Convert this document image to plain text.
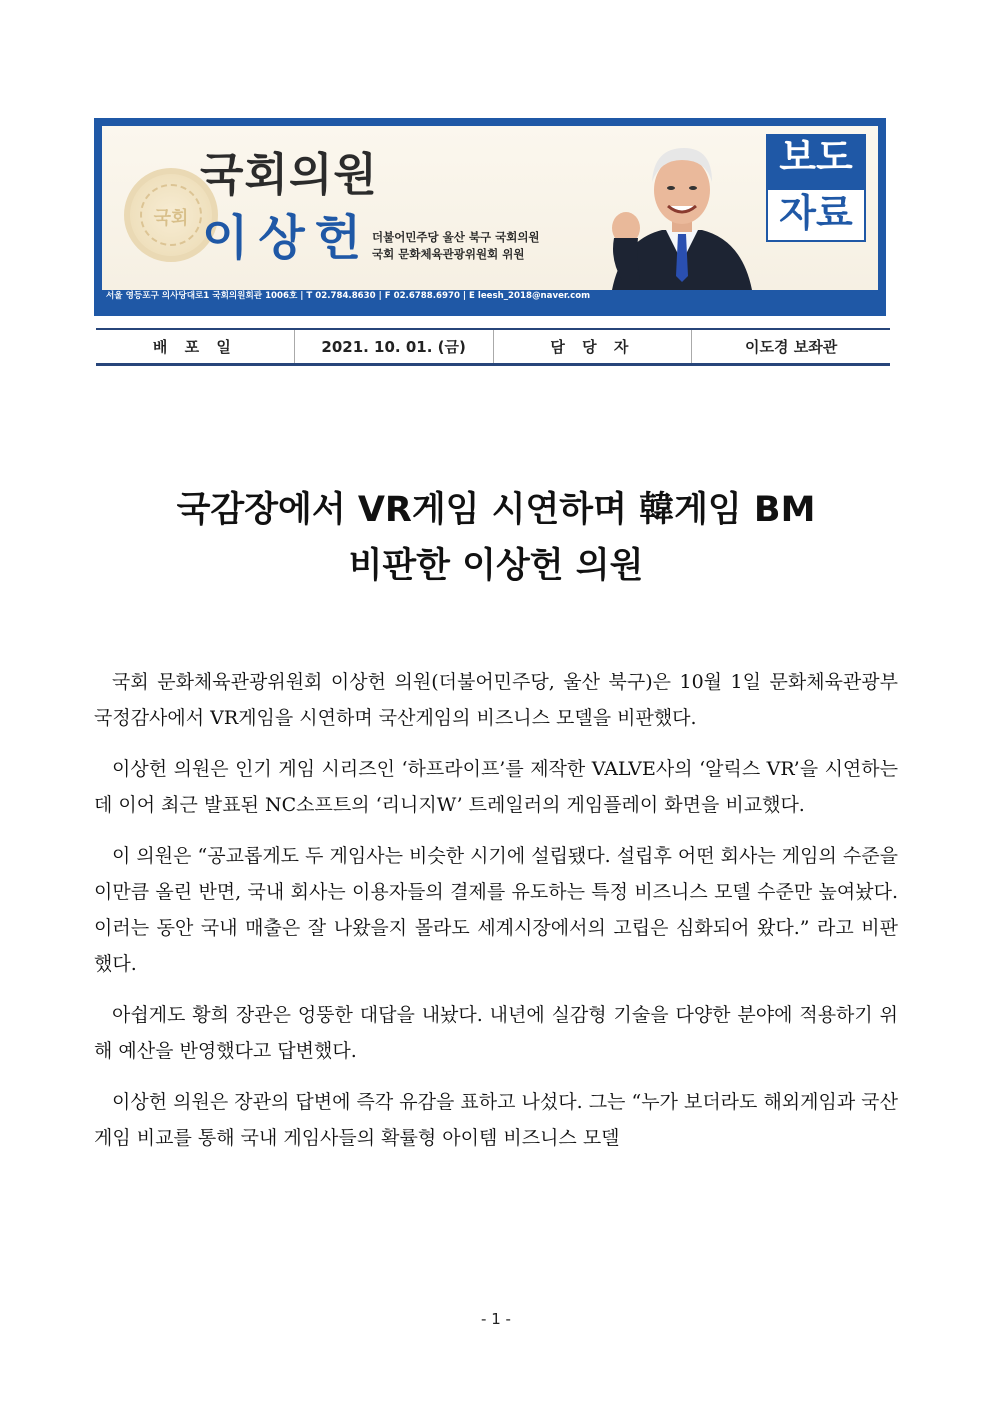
국회
국회의원
이상헌 더불어민주당 울산 북구 국회의원
국회 문화체육관광위원회 위원
보도
자료
서울 영등포구 의사당대로1 국회의원회관 1006호 | T 02.784.8630 | F 02.6788.6970 | E leesh_2018@naver.com
배 포 일	2021. 10. 01. (금)	담 당 자	이도경 보좌관
국감장에서 VR게임 시연하며 韓게임 BM
비판한 이상헌 의원

국회 문화체육관광위원회 이상헌 의원(더불어민주당, 울산 북구)은 10월 1일 문화체육관광부 국정감사에서 VR게임을 시연하며 국산게임의 비즈니스 모델을 비판했다.

이상헌 의원은 인기 게임 시리즈인 ‘하프라이프’를 제작한 VALVE사의 ‘알릭스 VR’을 시연하는데 이어 최근 발표된 NC소프트의 ‘리니지W’ 트레일러의 게임플레이 화면을 비교했다.

이 의원은 “공교롭게도 두 게임사는 비슷한 시기에 설립됐다. 설립후 어떤 회사는 게임의 수준을 이만큼 올린 반면, 국내 회사는 이용자들의 결제를 유도하는 특정 비즈니스 모델 수준만 높여놨다. 이러는 동안 국내 매출은 잘 나왔을지 몰라도 세계시장에서의 고립은 심화되어 왔다.” 라고 비판했다.

아쉽게도 황희 장관은 엉뚱한 대답을 내놨다. 내년에 실감형 기술을 다양한 분야에 적용하기 위해 예산을 반영했다고 답변했다.

이상헌 의원은 장관의 답변에 즉각 유감을 표하고 나섰다. 그는 “누가 보더라도 해외게임과 국산 게임 비교를 통해 국내 게임사들의 확률형 아이템 비즈니스 모델

- 1 -
